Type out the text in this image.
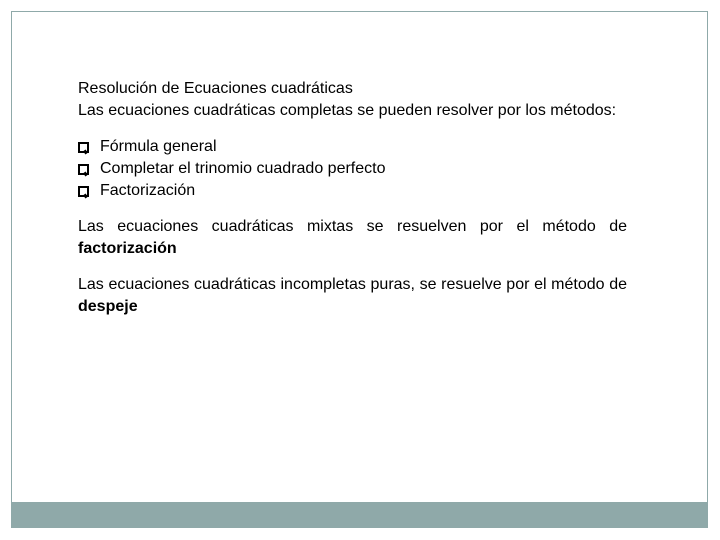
Resolución de Ecuaciones cuadráticas

Las ecuaciones cuadráticas completas se pueden resolver por los métodos:

Fórmula general
Completar el trinomio cuadrado perfecto
Factorización

Las ecuaciones cuadráticas mixtas se resuelven por el método de factorización

Las ecuaciones cuadráticas incompletas puras, se resuelve por el método de despeje
